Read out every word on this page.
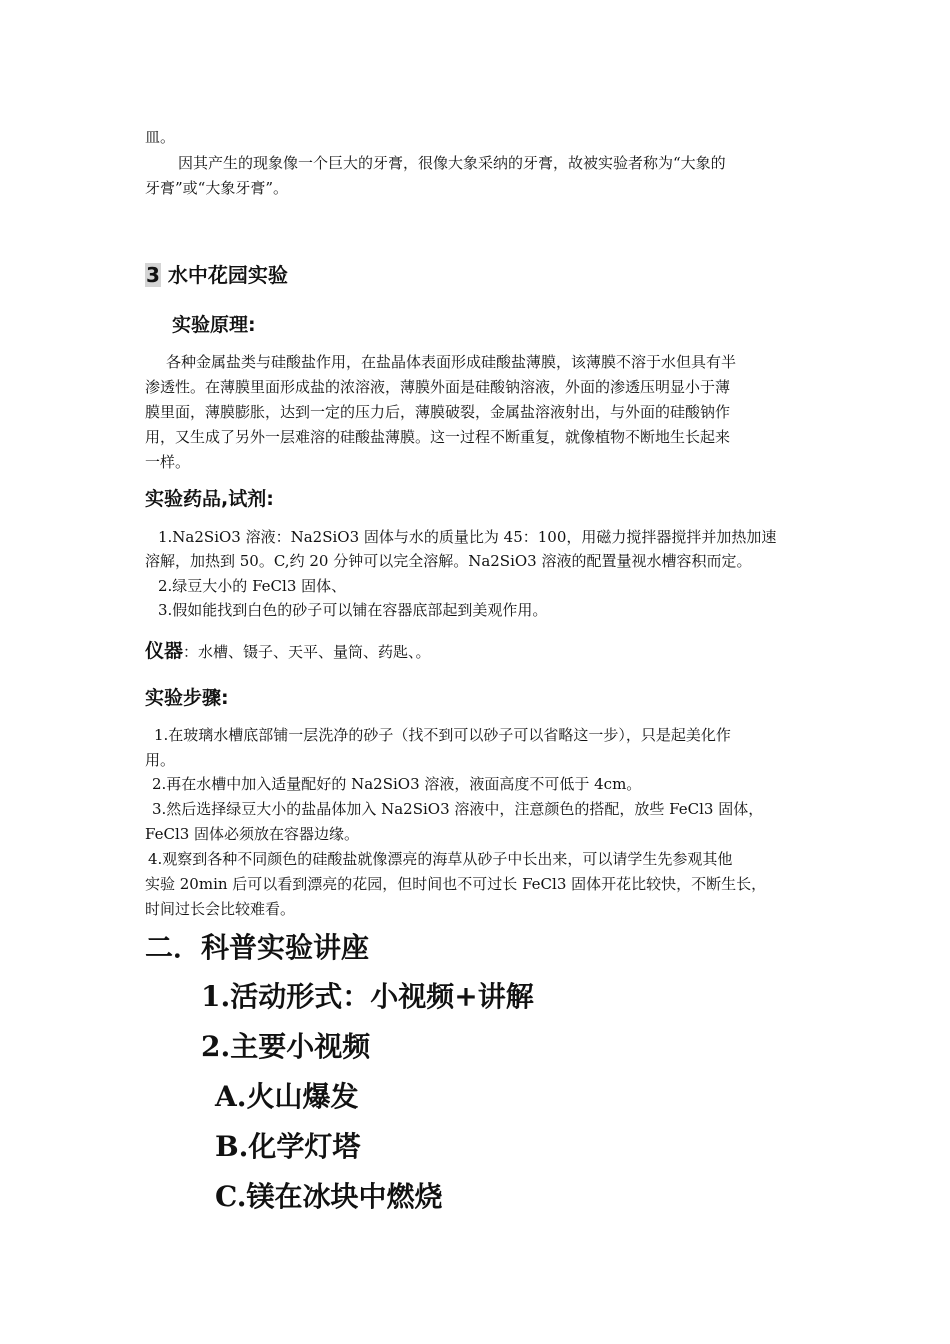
皿。
因其产生的现象像一个巨大的牙膏，很像大象采纳的牙膏，故被实验者称为“大象的
牙膏”或“大象牙膏”。
3 水中花园实验
实验原理:
各种金属盐类与硅酸盐作用，在盐晶体表面形成硅酸盐薄膜，该薄膜不溶于水但具有半
渗透性。在薄膜里面形成盐的浓溶液，薄膜外面是硅酸钠溶液，外面的渗透压明显小于薄
膜里面，薄膜膨胀，达到一定的压力后，薄膜破裂，金属盐溶液射出，与外面的硅酸钠作
用，又生成了另外一层难溶的硅酸盐薄膜。这一过程不断重复，就像植物不断地生长起来
一样。
实验药品,试剂:
1.Na2SiO3 溶液：Na2SiO3 固体与水的质量比为 45：100，用磁力搅拌器搅拌并加热加速
溶解，加热到 50。C,约 20 分钟可以完全溶解。Na2SiO3 溶液的配置量视水槽容积而定。
2.绿豆大小的 FeCl3 固体、
3.假如能找到白色的砂子可以铺在容器底部起到美观作用。
仪器：水槽、镊子、天平、量筒、药匙、。
实验步骤:
1.在玻璃水槽底部铺一层洗净的砂子（找不到可以砂子可以省略这一步），只是起美化作
用。
2.再在水槽中加入适量配好的 Na2SiO3 溶液，液面高度不可低于 4cm。
3.然后选择绿豆大小的盐晶体加入 Na2SiO3 溶液中，注意颜色的搭配，放些 FeCl3 固体，
FeCl3 固体必须放在容器边缘。
4.观察到各种不同颜色的硅酸盐就像漂亮的海草从砂子中长出来，可以请学生先参观其他
实验 20min 后可以看到漂亮的花园，但时间也不可过长 FeCl3 固体开花比较快，不断生长，
时间过长会比较难看。
二．科普实验讲座
1.活动形式：小视频+讲解
2.主要小视频
A.火山爆发
B.化学灯塔
C.镁在冰块中燃烧
